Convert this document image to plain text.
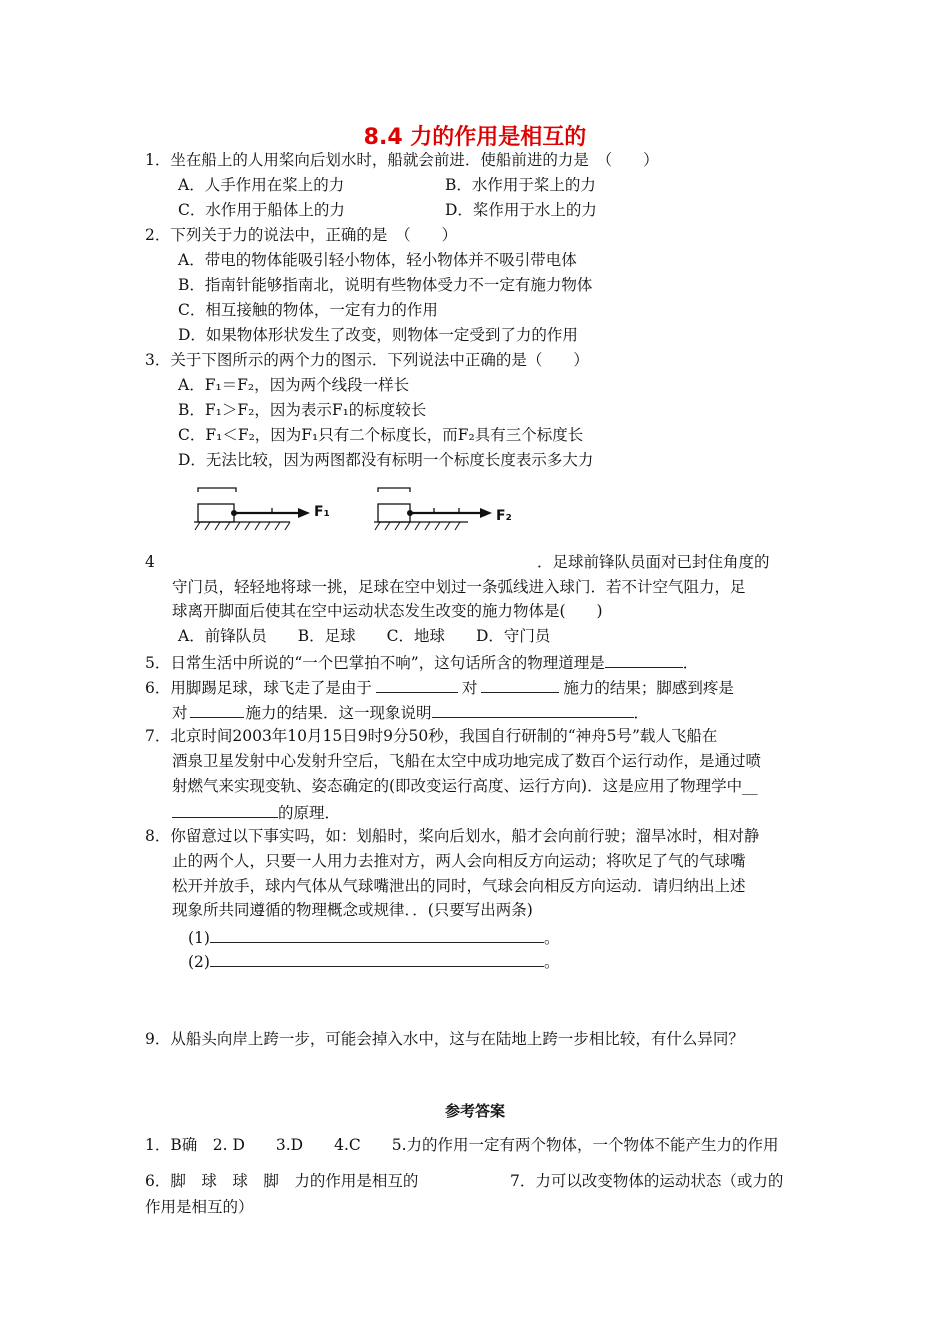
8.4 力的作用是相互的
1．坐在船上的人用桨向后划水时，船就会前进．使船前进的力是　（　　）
A．人手作用在桨上的力	B．水作用于桨上的力
C．水作用于船体上的力	D．桨作用于水上的力
2．下列关于力的说法中，正确的是　（　　）
A．带电的物体能吸引轻小物体，轻小物体并不吸引带电体
B．指南针能够指南北，说明有些物体受力不一定有施力物体
C．相互接触的物体，一定有力的作用
D．如果物体形状发生了改变，则物体一定受到了力的作用
3．关于下图所示的两个力的图示．下列说法中正确的是（　　）
A．F₁＝F₂，因为两个线段一样长
B．F₁＞F₂，因为表示F₁的标度较长
C．F₁＜F₂，因为F₁只有二个标度长，而F₂具有三个标度长
D．无法比较，因为两图都没有标明一个标度长度表示多大力
F₁	F₂
4	．足球前锋队员面对已封住角度的
守门员，轻轻地将球一挑，足球在空中划过一条弧线进入球门．若不计空气阻力，足
球离开脚面后使其在空中运动状态发生改变的施力物体是(　　)
A．前锋队员　　B．足球　　C．地球　　D．守门员
5．日常生活中所说的“一个巴掌拍不响”，这句话所含的物理道理是	．
6．用脚踢足球，球飞走了是由于	对	施力的结果；脚感到疼是
对	施力的结果．这一现象说明	．
7．北京时间2003年10月15日9时9分50秒，我国自行研制的“神舟5号”载人飞船在
酒泉卫星发射中心发射升空后，飞船在太空中成功地完成了数百个运行动作，是通过喷
射燃气来实现变轨、姿态确定的(即改变运行高度、运行方向)．这是应用了物理学中__
的原理．
8．你留意过以下事实吗，如：划船时，桨向后划水，船才会向前行驶；溜旱冰时，相对静
止的两个人，只要一人用力去推对方，两人会向相反方向运动；将吹足了气的气球嘴
松开并放手，球内气体从气球嘴泄出的同时，气球会向相反方向运动．请归纳出上述
现象所共同遵循的物理概念或规律．．(只要写出两条)
(1)	。
(2)	。
9．从船头向岸上跨一步，可能会掉入水中，这与在陆地上跨一步相比较，有什么异同？
参考答案
1．B确　2. D　　3.D　　4.C　　5.力的作用一定有两个物体，一个物体不能产生力的作用
6．脚　球　球　脚　力的作用是相互的	7．力可以改变物体的运动状态（或力的
作用是相互的）
